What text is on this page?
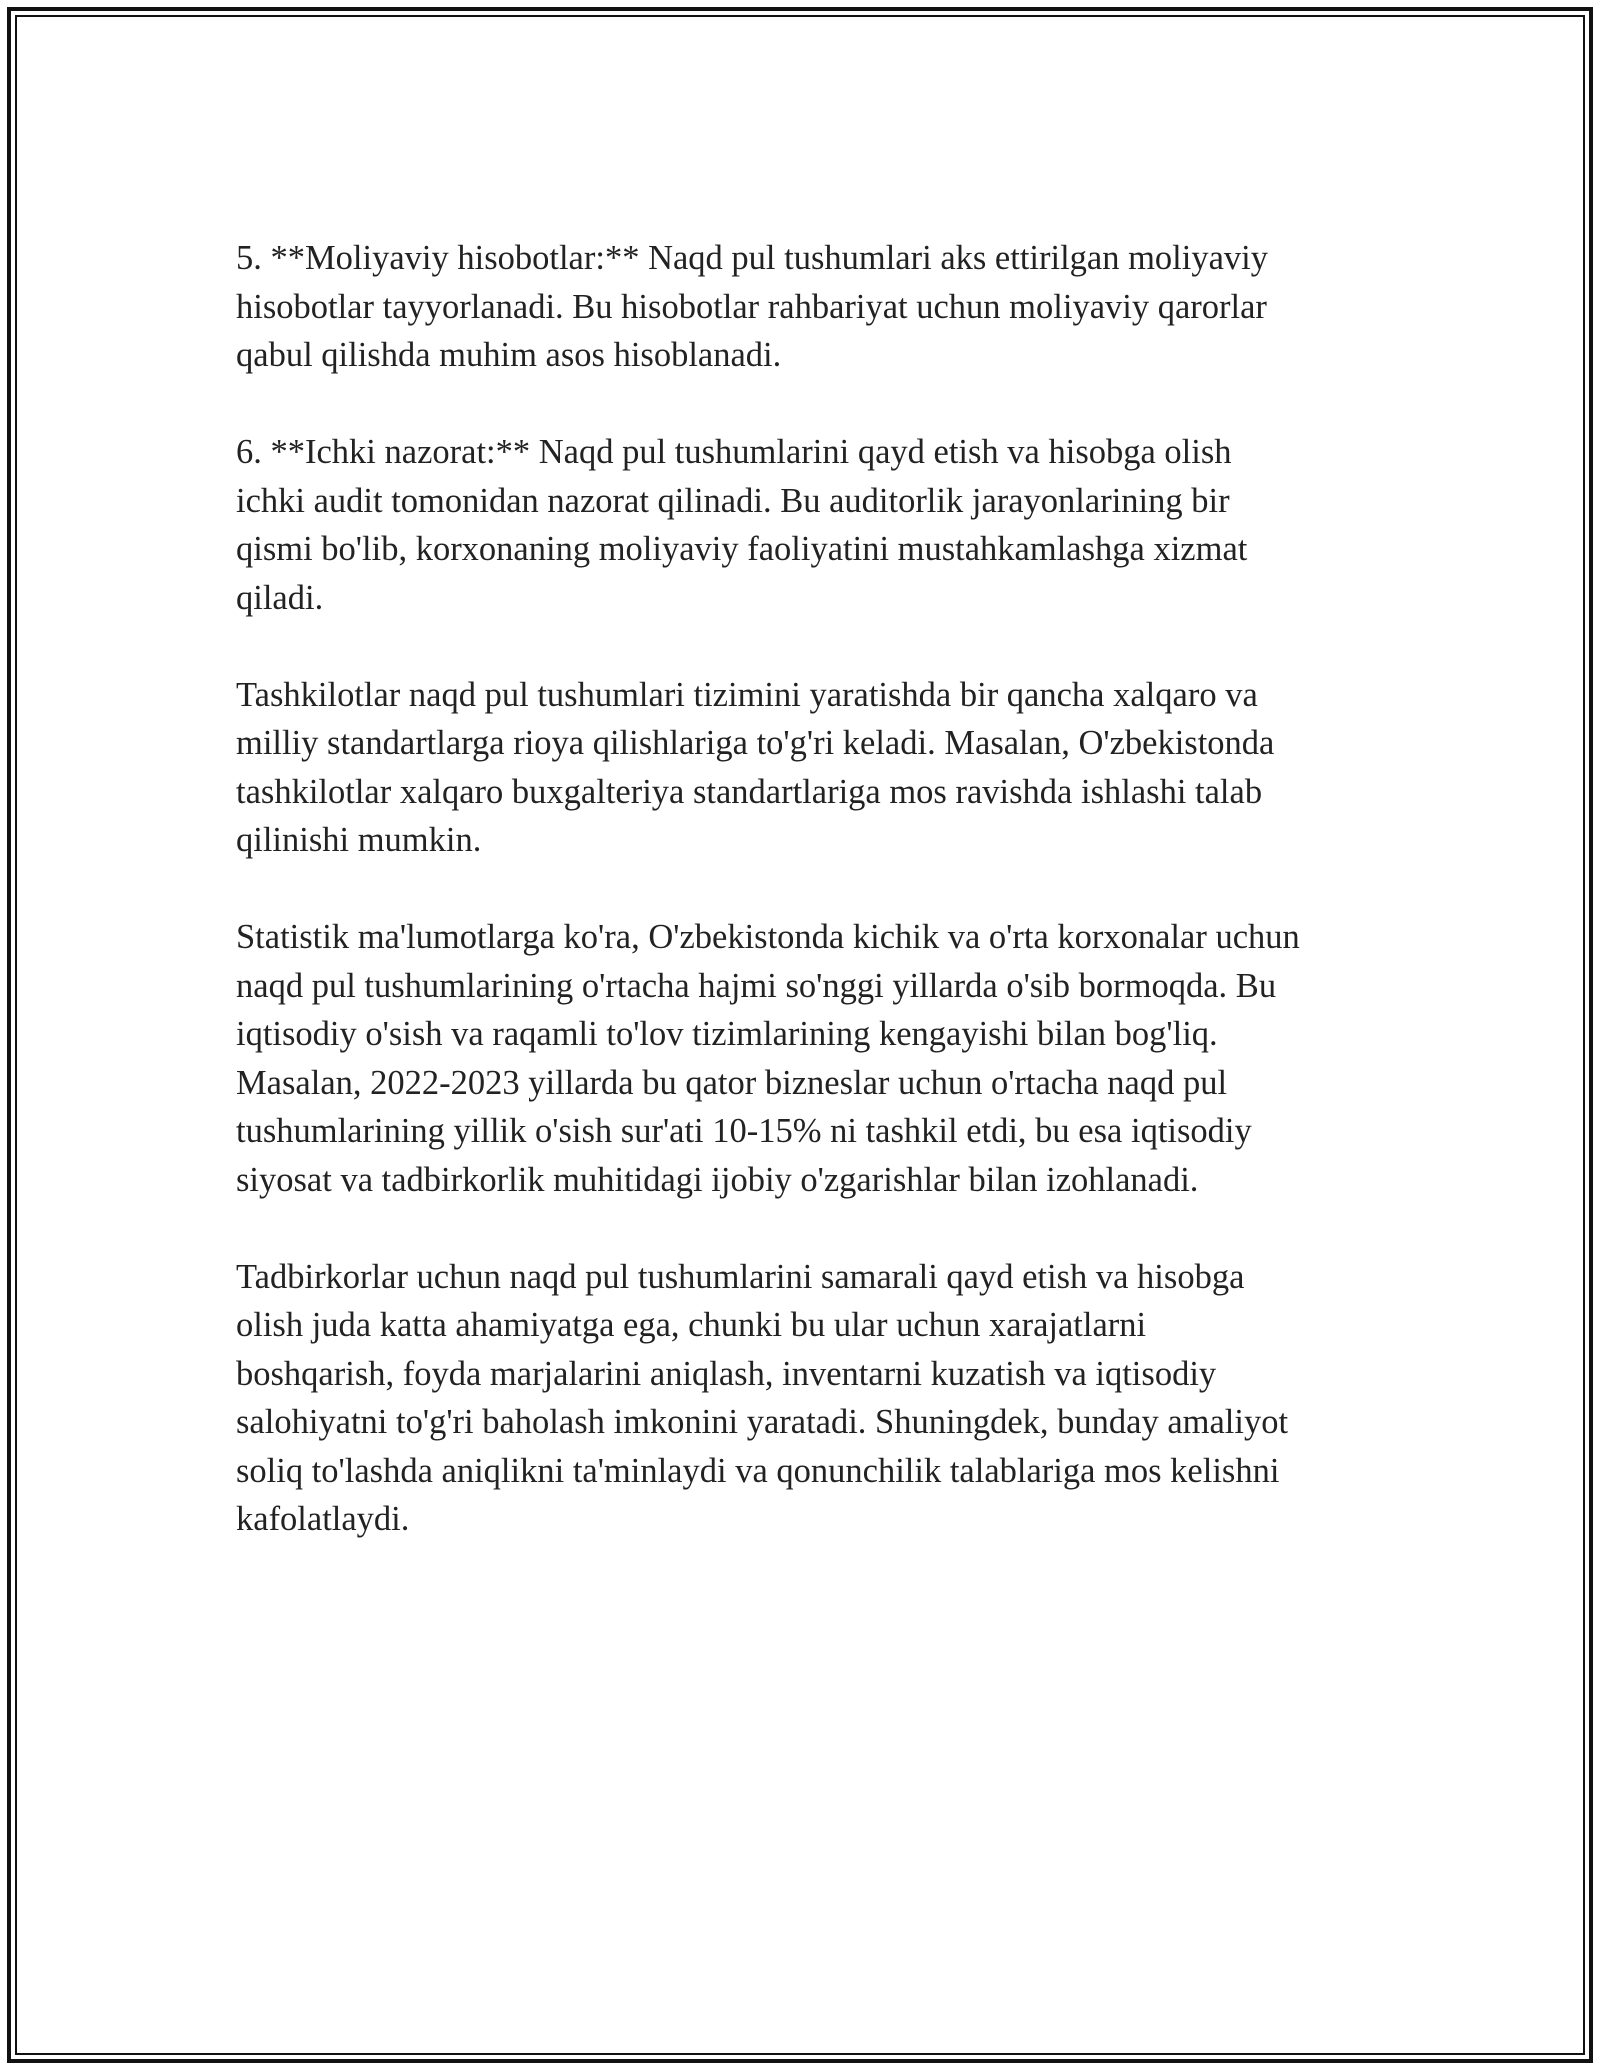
5. **Moliyaviy hisobotlar:** Naqd pul tushumlari aks ettirilgan moliyaviy
hisobotlar tayyorlanadi. Bu hisobotlar rahbariyat uchun moliyaviy qarorlar
qabul qilishda muhim asos hisoblanadi.

6. **Ichki nazorat:** Naqd pul tushumlarini qayd etish va hisobga olish
ichki audit tomonidan nazorat qilinadi. Bu auditorlik jarayonlarining bir
qismi bo'lib, korxonaning moliyaviy faoliyatini mustahkamlashga xizmat
qiladi.

Tashkilotlar naqd pul tushumlari tizimini yaratishda bir qancha xalqaro va
milliy standartlarga rioya qilishlariga to'g'ri keladi. Masalan, O'zbekistonda
tashkilotlar xalqaro buxgalteriya standartlariga mos ravishda ishlashi talab
qilinishi mumkin.

Statistik ma'lumotlarga ko'ra, O'zbekistonda kichik va o'rta korxonalar uchun
naqd pul tushumlarining o'rtacha hajmi so'nggi yillarda o'sib bormoqda. Bu
iqtisodiy o'sish va raqamli to'lov tizimlarining kengayishi bilan bog'liq.
Masalan, 2022-2023 yillarda bu qator bizneslar uchun o'rtacha naqd pul
tushumlarining yillik o'sish sur'ati 10-15% ni tashkil etdi, bu esa iqtisodiy
siyosat va tadbirkorlik muhitidagi ijobiy o'zgarishlar bilan izohlanadi.

Tadbirkorlar uchun naqd pul tushumlarini samarali qayd etish va hisobga
olish juda katta ahamiyatga ega, chunki bu ular uchun xarajatlarni
boshqarish, foyda marjalarini aniqlash, inventarni kuzatish va iqtisodiy
salohiyatni to'g'ri baholash imkonini yaratadi. Shuningdek, bunday amaliyot
soliq to'lashda aniqlikni ta'minlaydi va qonunchilik talablariga mos kelishni
kafolatlaydi.
